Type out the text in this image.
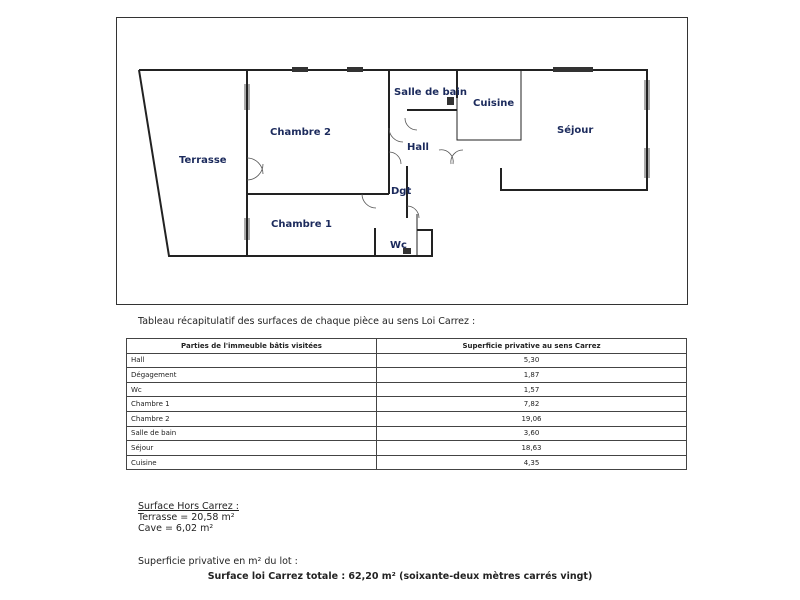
Terrasse
Chambre 2
Chambre 1
Salle de bain
Cuisine
Séjour
Hall
Dgt
Wc
Tableau récapitulatif des surfaces de chaque pièce au sens Loi Carrez :
Parties de l'immeuble bâtis visitées	Superficie privative au sens Carrez
Hall	5,30
Dégagement	1,87
Wc	1,57
Chambre 1	7,82
Chambre 2	19,06
Salle de bain	3,60
Séjour	18,63
Cuisine	4,35
Surface Hors Carrez :
Terrasse = 20,58 m²
Cave = 6,02 m²
Superficie privative en m² du lot :
Surface loi Carrez totale : 62,20 m² (soixante-deux mètres carrés vingt)
